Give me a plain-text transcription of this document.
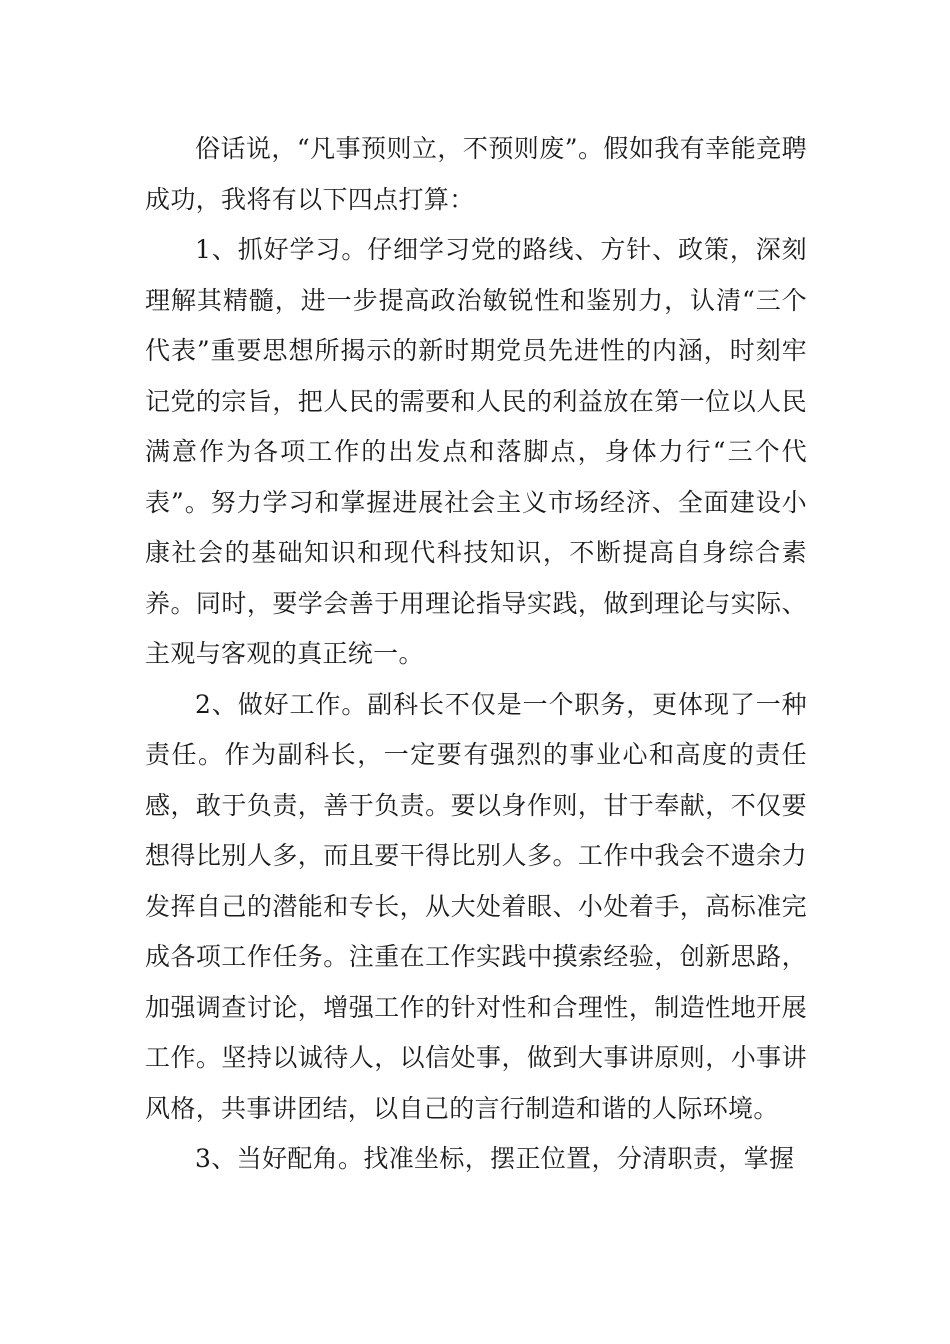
俗话说，“凡事预则立，不预则废”。假如我有幸能竞聘成功，我将有以下四点打算：

1、抓好学习。仔细学习党的路线、方针、政策，深刻理解其精髓，进一步提高政治敏锐性和鉴别力，认清“三个代表”重要思想所揭示的新时期党员先进性的内涵，时刻牢记党的宗旨，把人民的需要和人民的利益放在第一位以人民满意作为各项工作的出发点和落脚点，身体力行“三个代表”。努力学习和掌握进展社会主义市场经济、全面建设小康社会的基础知识和现代科技知识，不断提高自身综合素养。同时，要学会善于用理论指导实践，做到理论与实际、主观与客观的真正统一。

2、做好工作。副科长不仅是一个职务，更体现了一种责任。作为副科长，一定要有强烈的事业心和高度的责任感，敢于负责，善于负责。要以身作则，甘于奉献，不仅要想得比别人多，而且要干得比别人多。工作中我会不遗余力发挥自己的潜能和专长，从大处着眼、小处着手，高标准完成各项工作任务。注重在工作实践中摸索经验，创新思路，加强调查讨论，增强工作的针对性和合理性，制造性地开展工作。坚持以诚待人，以信处事，做到大事讲原则，小事讲风格，共事讲团结，以自己的言行制造和谐的人际环境。

3、当好配角。找准坐标，摆正位置，分清职责，掌握
